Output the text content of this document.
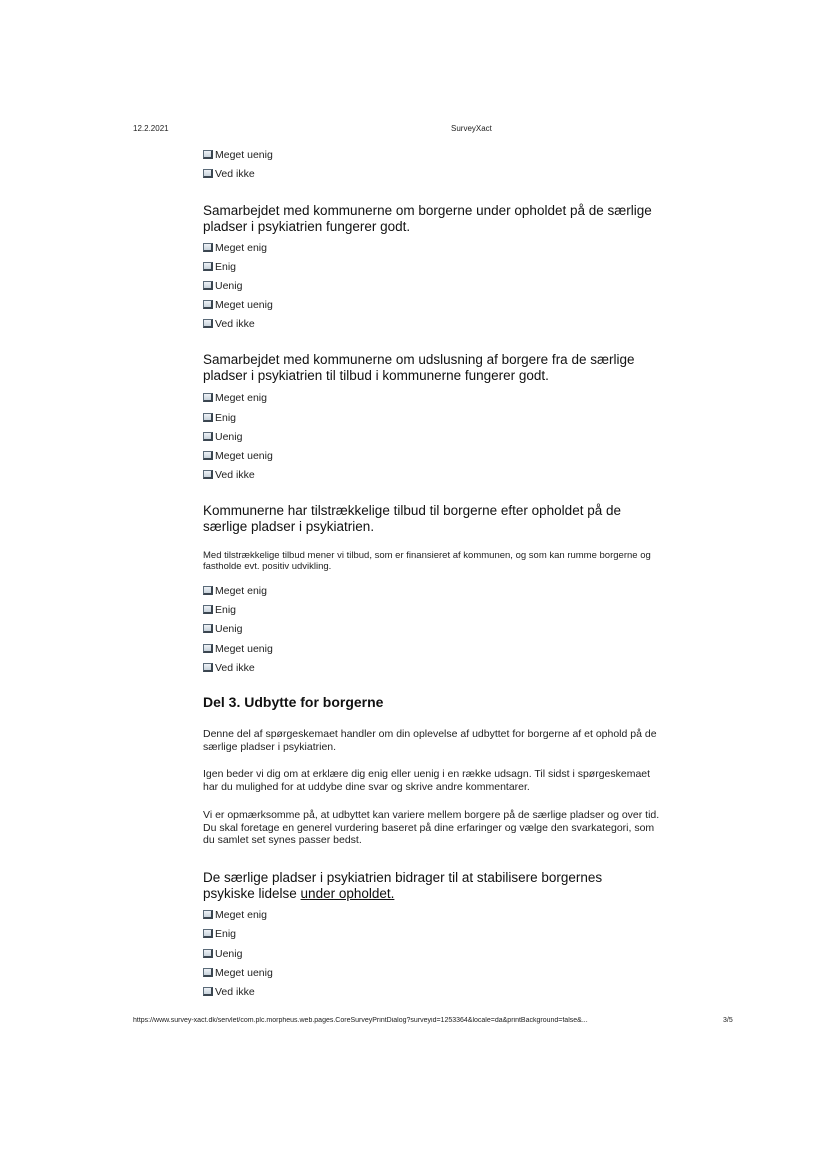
12.2.2021	SurveyXact
Meget uenig
Ved ikke
Samarbejdet med kommunerne om borgerne under opholdet på de særlige pladser i psykiatrien fungerer godt.
Meget enig
Enig
Uenig
Meget uenig
Ved ikke
Samarbejdet med kommunerne om udslusning af borgere fra de særlige pladser i psykiatrien til tilbud i kommunerne fungerer godt.
Meget enig
Enig
Uenig
Meget uenig
Ved ikke
Kommunerne har tilstrækkelige tilbud til borgerne efter opholdet på de særlige pladser i psykiatrien.
Med tilstrækkelige tilbud mener vi tilbud, som er finansieret af kommunen, og som kan rumme borgerne og fastholde evt. positiv udvikling.
Meget enig
Enig
Uenig
Meget uenig
Ved ikke
Del 3. Udbytte for borgerne
Denne del af spørgeskemaet handler om din oplevelse af udbyttet for borgerne af et ophold på de særlige pladser i psykiatrien.
Igen beder vi dig om at erklære dig enig eller uenig i en række udsagn. Til sidst i spørgeskemaet har du mulighed for at uddybe dine svar og skrive andre kommentarer.
Vi er opmærksomme på, at udbyttet kan variere mellem borgere på de særlige pladser og over tid. Du skal foretage en generel vurdering baseret på dine erfaringer og vælge den svarkategori, som du samlet set synes passer bedst.
De særlige pladser i psykiatrien bidrager til at stabilisere borgernes psykiske lidelse under opholdet.
Meget enig
Enig
Uenig
Meget uenig
Ved ikke
https://www.survey-xact.dk/servlet/com.plc.morpheus.web.pages.CoreSurveyPrintDialog?surveyid=1253364&locale=da&printBackground=false&...	3/5
